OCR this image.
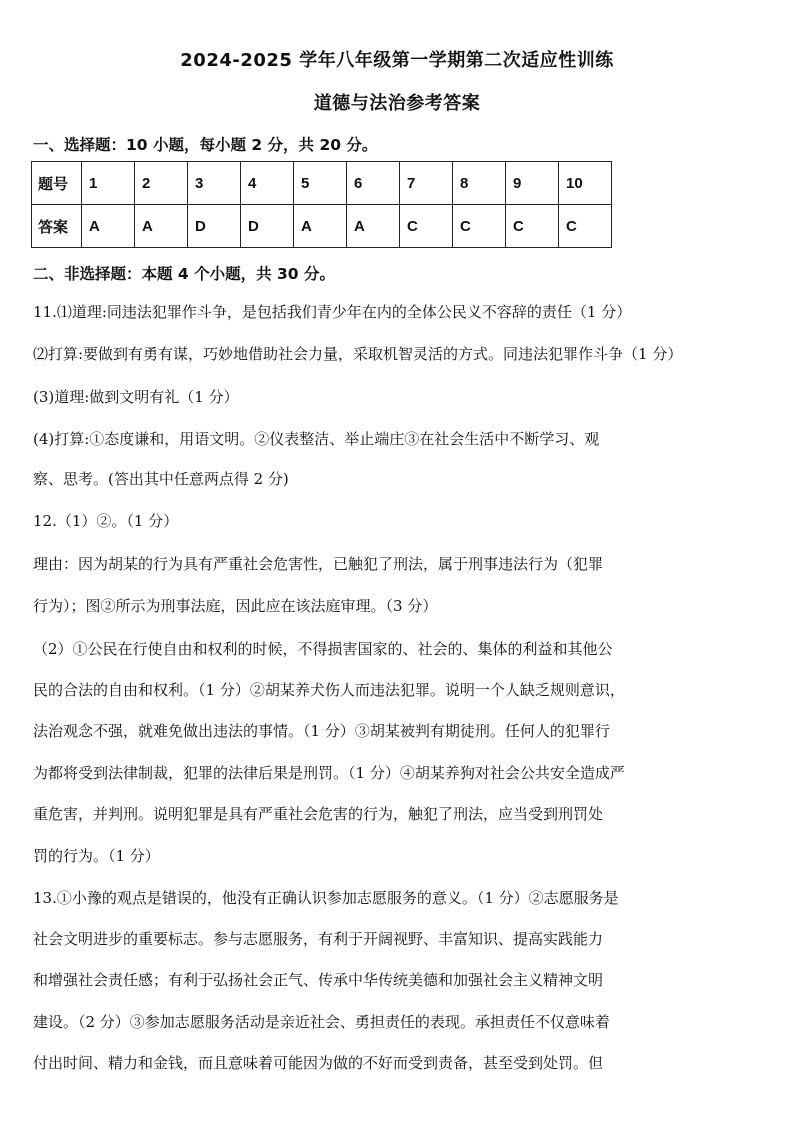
2024-2025 学年八年级第一学期第二次适应性训练
道德与法治参考答案
一、选择题：10 小题，每小题 2 分，共 20 分。
题号	1	2	3	4	5	6	7	8	9	10
答案	A	A	D	D	A	A	C	C	C	C
二、非选择题：本题 4 个小题，共 30 分。
11.⑴道理:同违法犯罪作斗争，是包括我们青少年在内的全体公民义不容辞的责任（1 分）
⑵打算:要做到有勇有谋，巧妙地借助社会力量，采取机智灵活的方式。同违法犯罪作斗争（1 分）
(3)道理:做到文明有礼（1 分）
(4)打算:①态度谦和，用语文明。②仪表整洁、举止端庄③在社会生活中不断学习、观
察、思考。(答出其中任意两点得 2 分)
12.（1）②。（1 分）
理由：因为胡某的行为具有严重社会危害性，已触犯了刑法，属于刑事违法行为（犯罪
行为）；图②所示为刑事法庭，因此应在该法庭审理。（3 分）
（2）①公民在行使自由和权利的时候，不得损害国家的、社会的、集体的利益和其他公
民的合法的自由和权利。（1 分）②胡某养犬伤人而违法犯罪。说明一个人缺乏规则意识，
法治观念不强，就难免做出违法的事情。（1 分）③胡某被判有期徒刑。任何人的犯罪行
为都将受到法律制裁，犯罪的法律后果是刑罚。（1 分）④胡某养狗对社会公共安全造成严
重危害，并判刑。说明犯罪是具有严重社会危害的行为，触犯了刑法，应当受到刑罚处
罚的行为。（1 分）
13.①小豫的观点是错误的，他没有正确认识参加志愿服务的意义。（1 分）②志愿服务是
社会文明进步的重要标志。参与志愿服务，有利于开阔视野、丰富知识、提高实践能力
和增强社会责任感；有利于弘扬社会正气、传承中华传统美德和加强社会主义精神文明
建设。（2 分）③参加志愿服务活动是亲近社会、勇担责任的表现。承担责任不仅意味着
付出时间、精力和金钱，而且意味着可能因为做的不好而受到责备，甚至受到处罚。但
